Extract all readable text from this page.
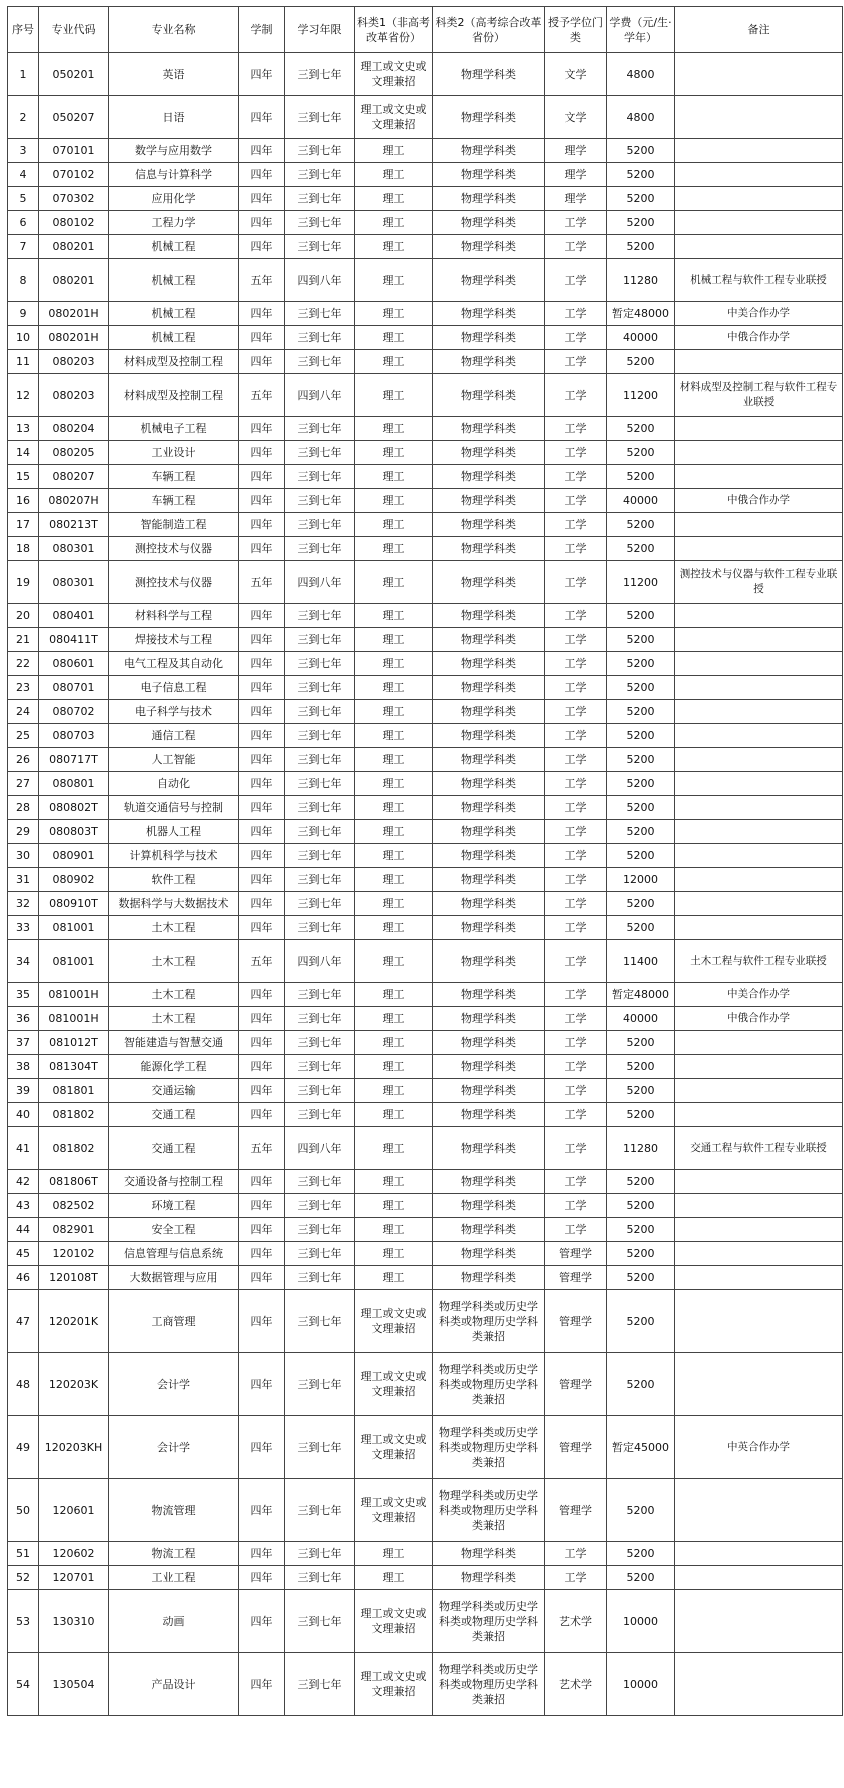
序号	专业代码	专业名称	学制	学习年限	科类1（非高考改革省份）	科类2（高考综合改革省份）	授予学位门类	学费（元/生·学年）	备注
1	050201	英语	四年	三到七年	理工或文史或文理兼招	物理学科类	文学	4800	
2	050207	日语	四年	三到七年	理工或文史或文理兼招	物理学科类	文学	4800	
3	070101	数学与应用数学	四年	三到七年	理工	物理学科类	理学	5200	
4	070102	信息与计算科学	四年	三到七年	理工	物理学科类	理学	5200	
5	070302	应用化学	四年	三到七年	理工	物理学科类	理学	5200	
6	080102	工程力学	四年	三到七年	理工	物理学科类	工学	5200	
7	080201	机械工程	四年	三到七年	理工	物理学科类	工学	5200	
8	080201	机械工程	五年	四到八年	理工	物理学科类	工学	11280	机械工程与软件工程专业联授
9	080201H	机械工程	四年	三到七年	理工	物理学科类	工学	暂定48000	中美合作办学
10	080201H	机械工程	四年	三到七年	理工	物理学科类	工学	40000	中俄合作办学
11	080203	材料成型及控制工程	四年	三到七年	理工	物理学科类	工学	5200	
12	080203	材料成型及控制工程	五年	四到八年	理工	物理学科类	工学	11200	材料成型及控制工程与软件工程专业联授
13	080204	机械电子工程	四年	三到七年	理工	物理学科类	工学	5200	
14	080205	工业设计	四年	三到七年	理工	物理学科类	工学	5200	
15	080207	车辆工程	四年	三到七年	理工	物理学科类	工学	5200	
16	080207H	车辆工程	四年	三到七年	理工	物理学科类	工学	40000	中俄合作办学
17	080213T	智能制造工程	四年	三到七年	理工	物理学科类	工学	5200	
18	080301	测控技术与仪器	四年	三到七年	理工	物理学科类	工学	5200	
19	080301	测控技术与仪器	五年	四到八年	理工	物理学科类	工学	11200	测控技术与仪器与软件工程专业联授
20	080401	材料科学与工程	四年	三到七年	理工	物理学科类	工学	5200	
21	080411T	焊接技术与工程	四年	三到七年	理工	物理学科类	工学	5200	
22	080601	电气工程及其自动化	四年	三到七年	理工	物理学科类	工学	5200	
23	080701	电子信息工程	四年	三到七年	理工	物理学科类	工学	5200	
24	080702	电子科学与技术	四年	三到七年	理工	物理学科类	工学	5200	
25	080703	通信工程	四年	三到七年	理工	物理学科类	工学	5200	
26	080717T	人工智能	四年	三到七年	理工	物理学科类	工学	5200	
27	080801	自动化	四年	三到七年	理工	物理学科类	工学	5200	
28	080802T	轨道交通信号与控制	四年	三到七年	理工	物理学科类	工学	5200	
29	080803T	机器人工程	四年	三到七年	理工	物理学科类	工学	5200	
30	080901	计算机科学与技术	四年	三到七年	理工	物理学科类	工学	5200	
31	080902	软件工程	四年	三到七年	理工	物理学科类	工学	12000	
32	080910T	数据科学与大数据技术	四年	三到七年	理工	物理学科类	工学	5200	
33	081001	土木工程	四年	三到七年	理工	物理学科类	工学	5200	
34	081001	土木工程	五年	四到八年	理工	物理学科类	工学	11400	土木工程与软件工程专业联授
35	081001H	土木工程	四年	三到七年	理工	物理学科类	工学	暂定48000	中美合作办学
36	081001H	土木工程	四年	三到七年	理工	物理学科类	工学	40000	中俄合作办学
37	081012T	智能建造与智慧交通	四年	三到七年	理工	物理学科类	工学	5200	
38	081304T	能源化学工程	四年	三到七年	理工	物理学科类	工学	5200	
39	081801	交通运输	四年	三到七年	理工	物理学科类	工学	5200	
40	081802	交通工程	四年	三到七年	理工	物理学科类	工学	5200	
41	081802	交通工程	五年	四到八年	理工	物理学科类	工学	11280	交通工程与软件工程专业联授
42	081806T	交通设备与控制工程	四年	三到七年	理工	物理学科类	工学	5200	
43	082502	环境工程	四年	三到七年	理工	物理学科类	工学	5200	
44	082901	安全工程	四年	三到七年	理工	物理学科类	工学	5200	
45	120102	信息管理与信息系统	四年	三到七年	理工	物理学科类	管理学	5200	
46	120108T	大数据管理与应用	四年	三到七年	理工	物理学科类	管理学	5200	
47	120201K	工商管理	四年	三到七年	理工或文史或文理兼招	物理学科类或历史学科类或物理历史学科类兼招	管理学	5200	
48	120203K	会计学	四年	三到七年	理工或文史或文理兼招	物理学科类或历史学科类或物理历史学科类兼招	管理学	5200	
49	120203KH	会计学	四年	三到七年	理工或文史或文理兼招	物理学科类或历史学科类或物理历史学科类兼招	管理学	暂定45000	中英合作办学
50	120601	物流管理	四年	三到七年	理工或文史或文理兼招	物理学科类或历史学科类或物理历史学科类兼招	管理学	5200	
51	120602	物流工程	四年	三到七年	理工	物理学科类	工学	5200	
52	120701	工业工程	四年	三到七年	理工	物理学科类	工学	5200	
53	130310	动画	四年	三到七年	理工或文史或文理兼招	物理学科类或历史学科类或物理历史学科类兼招	艺术学	10000	
54	130504	产品设计	四年	三到七年	理工或文史或文理兼招	物理学科类或历史学科类或物理历史学科类兼招	艺术学	10000	
